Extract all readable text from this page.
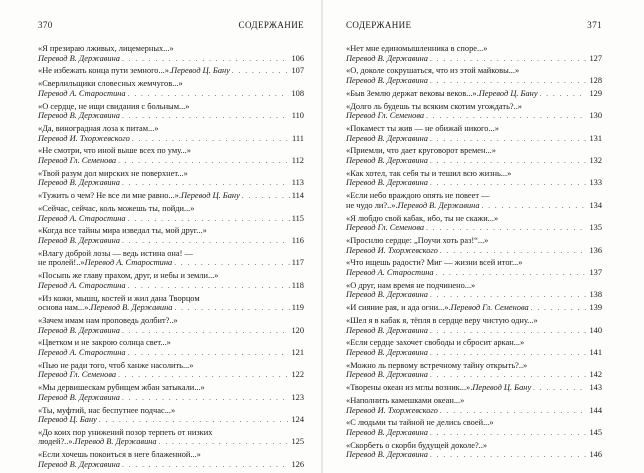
370	СОДЕРЖАНИЕ
«Я презираю лживых, лицемерных...»
Перевод В. Державина . . .	106
«Не избежать конца пути земного...». Перевод Ц. Бану . . .	107
«Сверлильщики словесных жемчугов...»
Перевод А. Старостина . . .	108
«О сердце, не ищи свидания с больным...»
Перевод В. Державина . . .	110
«Да, виноградная лоза к питам...»
Перевод И. Тхоржевского . . .	111
«Не смотри, что иной выше всех по уму...»
Перевод Гл. Семенова . . .	112
«Твой разум дол мирских не поверхнет...»
Перевод В. Державина . . .	113
«Тужить о чем? Не все ли мне равно...». Перевод Ц. Бану . . .	114
«Сейчас, сейчас, коль можешь ты, пойди...»
Перевод А. Старостина . . .	115
«Когда все тайны мира изведал ты, мой друг...»
Перевод В. Державина . . .	116
«Влагу доброй лозы — ведь истина она! —
не пролей!..» Перевод А. Старостина . . .	117
«Посыпь же главу прахом, друг, и небы и земли...»
Перевод А. Старостина . . .	118
«Из кожи, мышц, костей и жил дана Творцом
основа нам...». Перевод В. Державина . . .	119
«Зачем имам нам проповедь долбит?..»
Перевод В. Державина . . .	120
«Цветком и не закрою солнца свет...»
Перевод А. Старостина . . .	121
«Пью не ради того, чтоб ханже насолить...»
Перевод Гл. Семенова . . .	122
«Мы дервишескам рубищем жбан затыкали...»
Перевод В. Державина . . .	123
«Ты, муфтий, нас беспутнее подчас...»
Перевод Ц. Бану . . .	124
«До коих пор унижений позор терпеть от низких
людей?..». Перевод В. Державина . . .	125
«Если хочешь покоиться в неге блаженной...»
Перевод В. Державина . . .	126
СОДЕРЖАНИЕ	371
«Нет мне единомышленника в споре...»
Перевод В. Державина . . .	127
«О, доколе сокрушаться, что из этой майковы...»
Перевод В. Державина . . .	128
«Быв Землю держат вековы веков...». Перевод Ц. Бану . . .	129
«Долго ль будешь ты всяким скотим угождать?..»
Перевод Гл. Семенова . . .	130
«Покамест ты жив — не обижай никого...»
Перевод В. Державина . . .	131
«Приемли, что дает круговорот времен...»
Перевод В. Державина . . .	132
«Как хотел, так себя ты и тешил всю жизнь...»
Перевод В. Державина . . .	133
«Если небо враждою опять не повеет —
не чудо ли?..». Перевод В. Державина . . .	134
«Я любдю свой кабак, ибо, ты не скажи...»
Перевод Гл. Семенова . . .	135
«Проснлю сердце: „Поучи хоть раз!“...»
Перевод И. Тхоржевского . . .	136
«Что ищешь радости? Миг — жизни всей итог...»
Перевод А. Старостина . . .	137
«О друг, нам время не подчинено...»
Перевод В. Державина . . .	138
«И сияние рая, и ада огни...». Перевод Гл. Семенова . . .	139
«Шел я в кабак я, тёпля в сердце веру чистую одну...»
Перевод В. Державина . . .	140
«Если сердце захочет свободы и сбросит аркан...»
Перевод В. Державина . . .	141
«Можно ль первому встречному тайну открыть?..»
Перевод В. Державина . . .	142
«Творены океан из мглы возник...». Перевод Ц. Бану . . .	143
«Наполнить камешками океан...»
Перевод И. Тхоржевского . . .	144
«С людьми ты тайной не делись своей...»
Перевод В. Державина . . .	145
«Скорбеть о скорби будущей доколе?..»
Перевод В. Державина . . .	146
